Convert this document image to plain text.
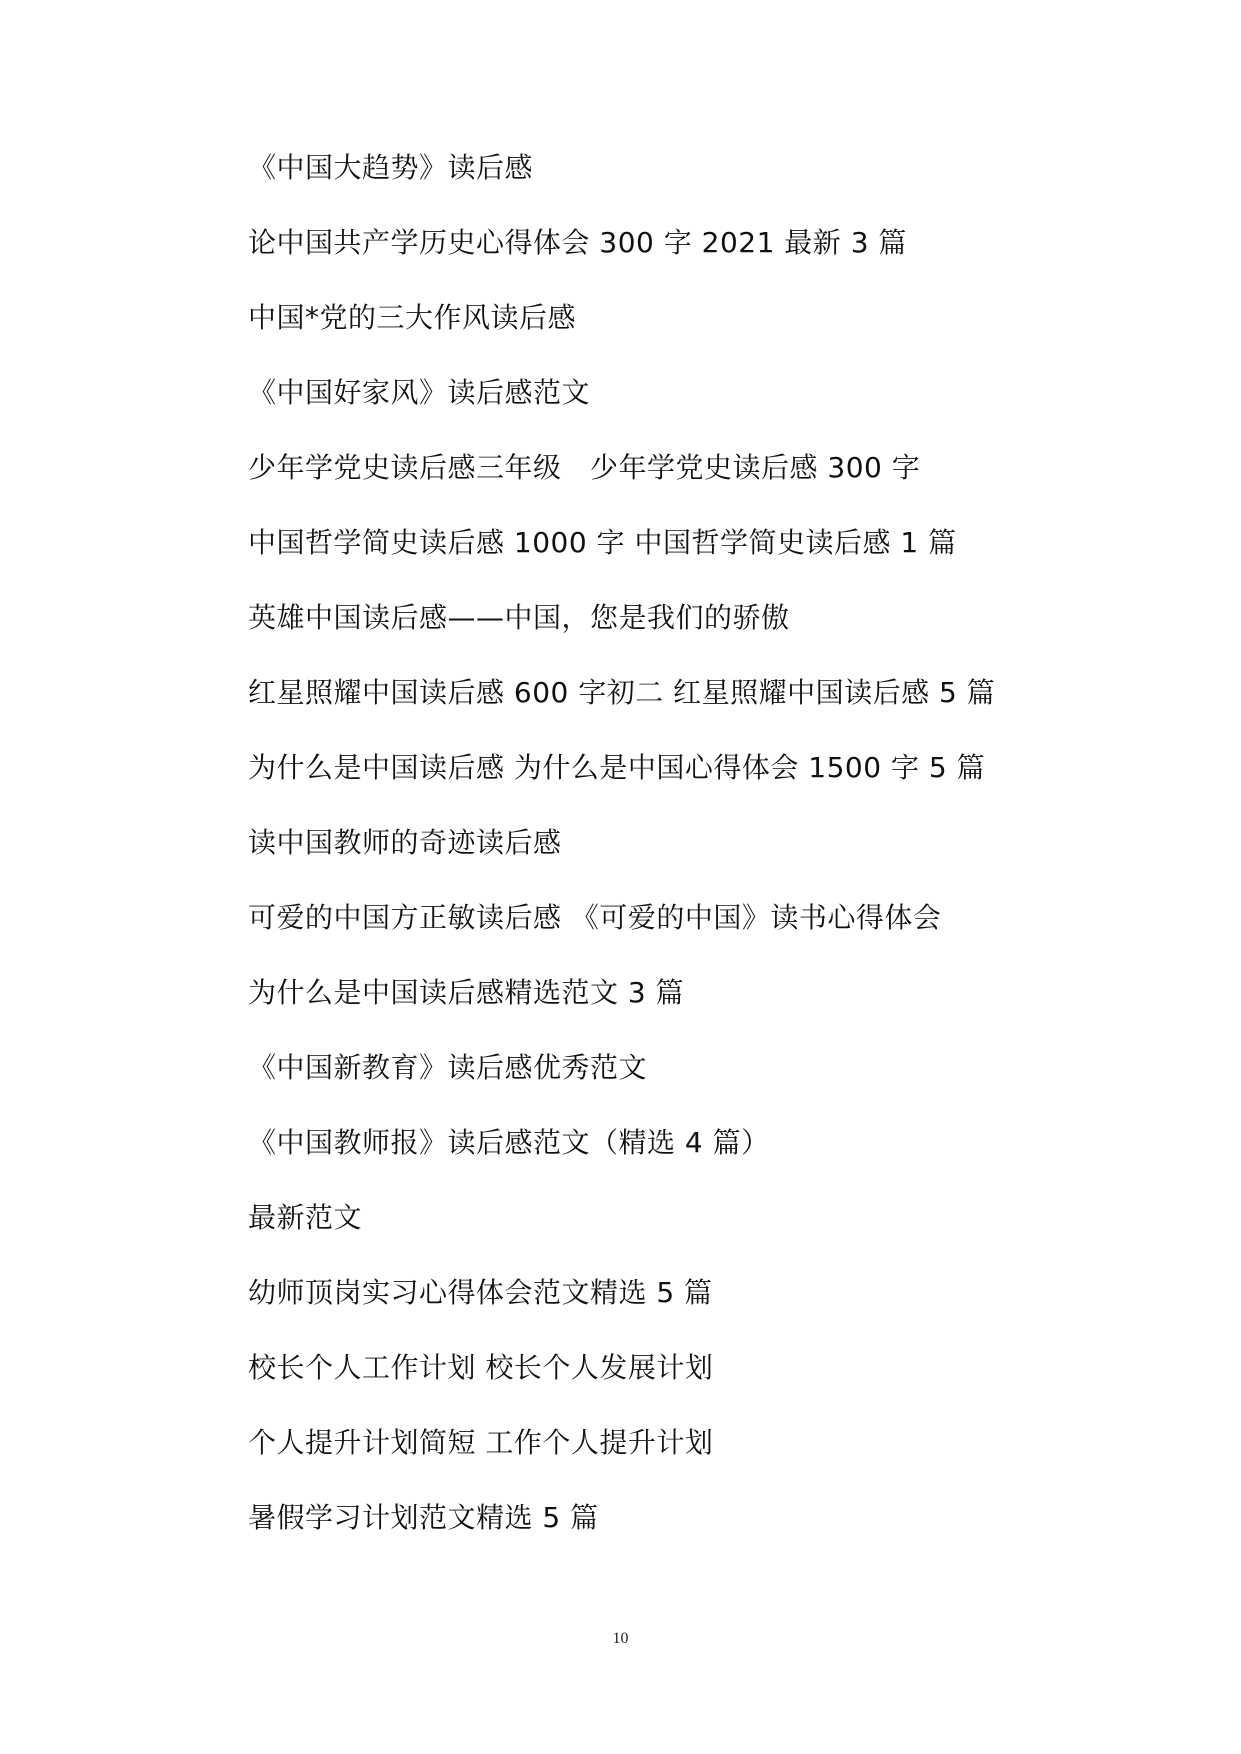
《中国大趋势》读后感
论中国共产学历史心得体会 300 字 2021 最新 3 篇
中国*党的三大作风读后感
《中国好家风》读后感范文
少年学党史读后感三年级　少年学党史读后感 300 字
中国哲学简史读后感 1000 字 中国哲学简史读后感 1 篇
英雄中国读后感——中国，您是我们的骄傲
红星照耀中国读后感 600 字初二 红星照耀中国读后感 5 篇
为什么是中国读后感 为什么是中国心得体会 1500 字 5 篇
读中国教师的奇迹读后感
可爱的中国方正敏读后感 《可爱的中国》读书心得体会
为什么是中国读后感精选范文 3 篇
《中国新教育》读后感优秀范文
《中国教师报》读后感范文（精选 4 篇）
最新范文
幼师顶岗实习心得体会范文精选 5 篇
校长个人工作计划 校长个人发展计划
个人提升计划简短 工作个人提升计划
暑假学习计划范文精选 5 篇
10
